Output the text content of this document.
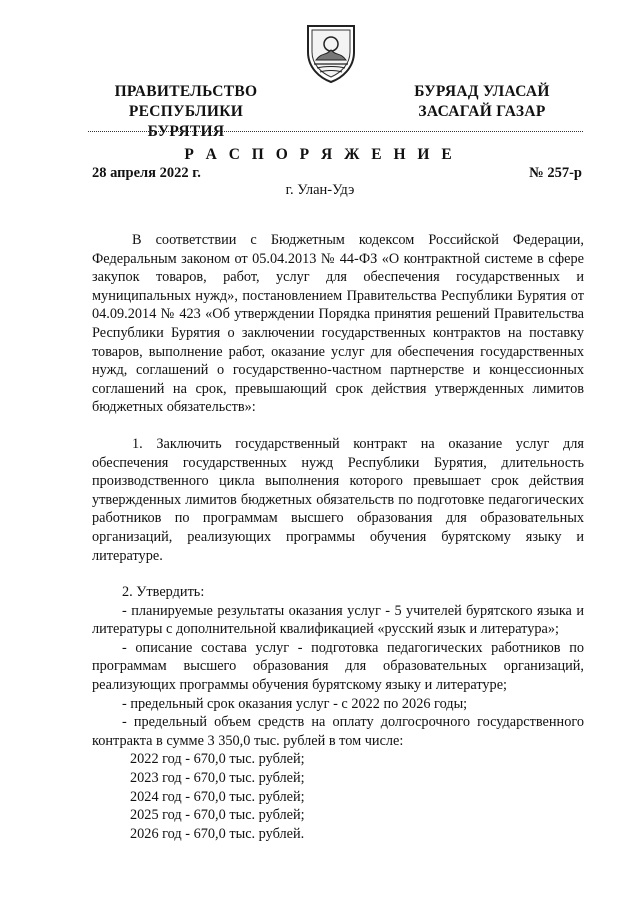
ПРАВИТЕЛЬСТВО
РЕСПУБЛИКИ БУРЯТИЯ
БУРЯАД УЛАСАЙ
ЗАСАГАЙ ГАЗАР
Р А С П О Р Я Ж Е Н И Е
28 апреля 2022 г.	№ 257-р
г. Улан-Удэ

В соответствии с Бюджетным кодексом Российской Федерации, Федеральным законом от 05.04.2013 № 44-ФЗ «О контрактной системе в сфере закупок товаров, работ, услуг для обеспечения государственных и муниципальных нужд», постановлением Правительства Республики Бурятия от 04.09.2014 № 423 «Об утверждении Порядка принятия решений Правительства Республики Бурятия о заключении государственных контрактов на поставку товаров, выполнение работ, оказание услуг для обеспечения государственных нужд, соглашений о государственно-частном партнерстве и концессионных соглашений на срок, превышающий срок действия утвержденных лимитов бюджетных обязательств»:

1. Заключить государственный контракт на оказание услуг для обеспечения государственных нужд Республики Бурятия, длительность производственного цикла выполнения которого превышает срок действия утвержденных лимитов бюджетных обязательств по подготовке педагогических работников по программам высшего образования для образовательных организаций, реализующих программы обучения бурятскому языку и литературе.

2. Утвердить:

- планируемые результаты оказания услуг - 5 учителей бурятского языка и литературы с дополнительной квалификацией «русский язык и литература»;

- описание состава услуг - подготовка педагогических работников по программам высшего образования для образовательных организаций, реализующих программы обучения бурятскому языку и литературе;

- предельный срок оказания услуг - с 2022 по 2026 годы;

- предельный объем средств на оплату долгосрочного государственного контракта в сумме 3 350,0 тыс. рублей в том числе:

2022 год - 670,0 тыс. рублей;

2023 год - 670,0 тыс. рублей;

2024 год - 670,0 тыс. рублей;

2025 год - 670,0 тыс. рублей;

2026 год - 670,0 тыс. рублей.
